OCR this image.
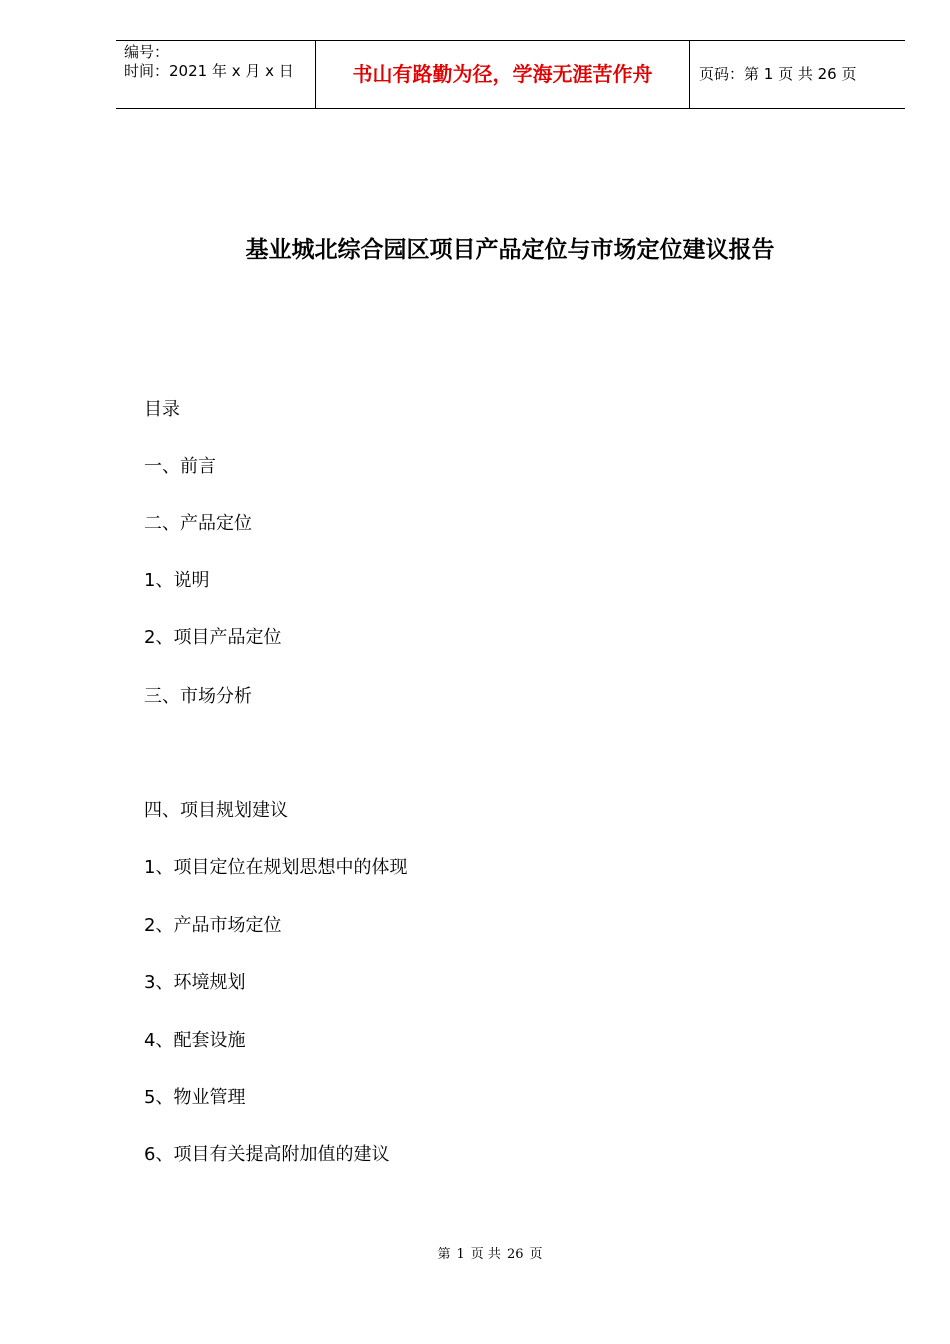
编号：
时间：2021 年 x 月 x 日	书山有路勤为径，学海无涯苦作舟	页码：第 1 页 共 26 页
基业城北综合园区项目产品定位与市场定位建议报告
目录
一、前言
二、产品定位
1、说明
2、项目产品定位
三、市场分析
四、项目规划建议
1、项目定位在规划思想中的体现
2、产品市场定位
3、环境规划
4、配套设施
5、物业管理
6、项目有关提高附加值的建议
第 1 页 共 26 页
